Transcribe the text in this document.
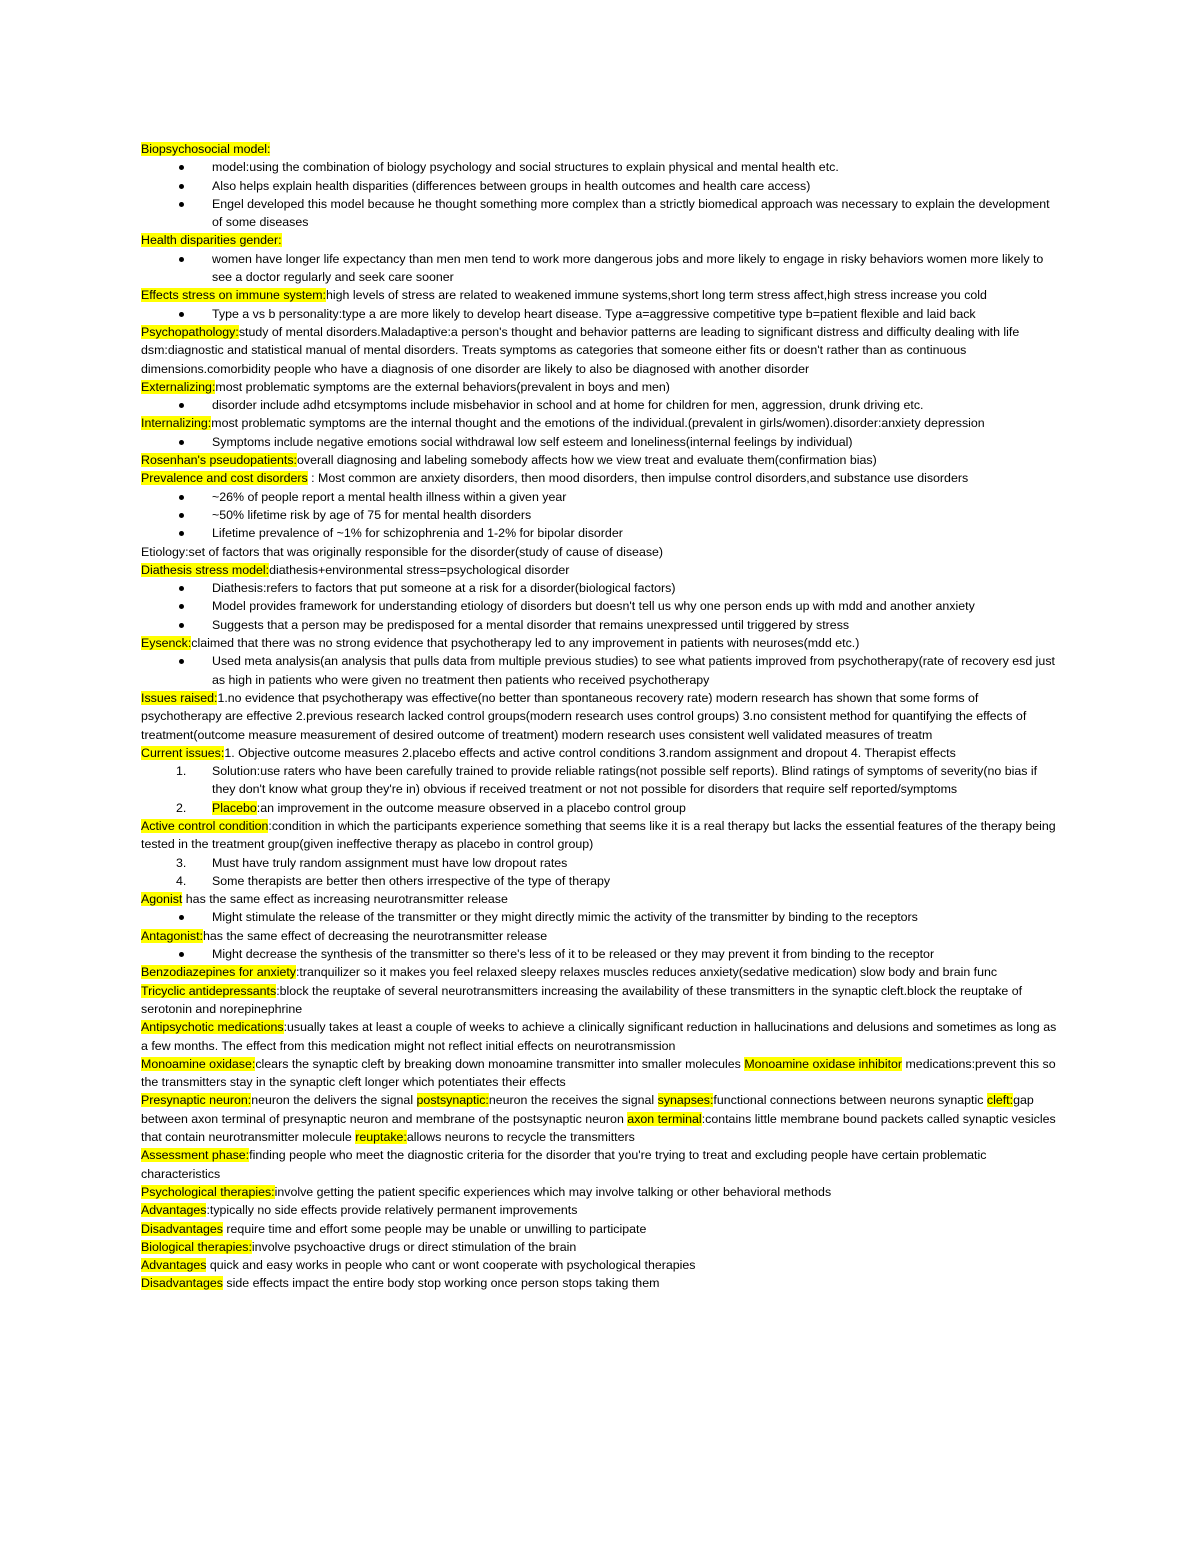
Biopsychosocial model:

model:using the combination of biology psychology and social structures to explain physical and mental health etc.
Also helps explain health disparities (differences between groups in health outcomes and health care access)
Engel developed this model because he thought something more complex than a strictly biomedical approach was necessary to explain the development of some diseases

Health disparities gender:

women have longer life expectancy than men men tend to work more dangerous jobs and more likely to engage in risky behaviors women more likely to see a doctor regularly and seek care sooner

Effects stress on immune system:high levels of stress are related to weakened immune systems,short long term stress affect,high stress increase you cold

Type a vs b personality:type a are more likely to develop heart disease. Type a=aggressive competitive type b=patient flexible and laid back

Psychopathology:study of mental disorders.Maladaptive:a person's thought and behavior patterns are leading to significant distress and difficulty dealing with life dsm:diagnostic and statistical manual of mental disorders. Treats symptoms as categories that someone either fits or doesn't rather than as continuous dimensions.comorbidity people who have a diagnosis of one disorder are likely to also be diagnosed with another disorder

Externalizing:most problematic symptoms are the external behaviors(prevalent in boys and men)

disorder include adhd etcsymptoms include misbehavior in school and at home for children for men, aggression, drunk driving etc.

Internalizing:most problematic symptoms are the internal thought and the emotions of the individual.(prevalent in girls/women).disorder:anxiety depression

Symptoms include negative emotions social withdrawal low self esteem and loneliness(internal feelings by individual)

Rosenhan's pseudopatients:overall diagnosing and labeling somebody affects how we view treat and evaluate them(confirmation bias)

Prevalence and cost disorders : Most common are anxiety disorders, then mood disorders, then impulse control disorders,and substance use disorders

~26% of people report a mental health illness within a given year
~50% lifetime risk by age of 75 for mental health disorders
Lifetime prevalence of ~1% for schizophrenia and 1-2% for bipolar disorder

Etiology:set of factors that was originally responsible for the disorder(study of cause of disease)

Diathesis stress model:diathesis+environmental stress=psychological disorder

Diathesis:refers to factors that put someone at a risk for a disorder(biological factors)
Model provides framework for understanding etiology of disorders but doesn't tell us why one person ends up with mdd and another anxiety
Suggests that a person may be predisposed for a mental disorder that remains unexpressed until triggered by stress

Eysenck:claimed that there was no strong evidence that psychotherapy led to any improvement in patients with neuroses(mdd etc.)

Used meta analysis(an analysis that pulls data from multiple previous studies) to see what patients improved from psychotherapy(rate of recovery esd just as high in patients who were given no treatment then patients who received psychotherapy

Issues raised:1.no evidence that psychotherapy was effective(no better than spontaneous recovery rate) modern research has shown that some forms of psychotherapy are effective 2.previous research lacked control groups(modern research uses control groups) 3.no consistent method for quantifying the effects of treatment(outcome measure measurement of desired outcome of treatment) modern research uses consistent well validated measures of treatm

Current issues:1. Objective outcome measures 2.placebo effects and active control conditions 3.random assignment and dropout 4. Therapist effects

1. Solution:use raters who have been carefully trained to provide reliable ratings(not possible self reports). Blind ratings of symptoms of severity(no bias if they don't know what group they're in) obvious if received treatment or not not possible for disorders that require self reported/symptoms
2. Placebo:an improvement in the outcome measure observed in a placebo control group

Active control condition:condition in which the participants experience something that seems like it is a real therapy but lacks the essential features of the therapy being tested in the treatment group(given ineffective therapy as placebo in control group)

3. Must have truly random assignment must have low dropout rates
4. Some therapists are better then others irrespective of the type of therapy

Agonist has the same effect as increasing neurotransmitter release

Might stimulate the release of the transmitter or they might directly mimic the activity of the transmitter by binding to the receptors

Antagonist:has the same effect of decreasing the neurotransmitter release

Might decrease the synthesis of the transmitter so there's less of it to be released or they may prevent it from binding to the receptor

Benzodiazepines for anxiety:tranquilizer so it makes you feel relaxed sleepy relaxes muscles reduces anxiety(sedative medication) slow body and brain func

Tricyclic antidepressants:block the reuptake of several neurotransmitters increasing the availability of these transmitters in the synaptic cleft.block the reuptake of serotonin and norepinephrine

Antipsychotic medications:usually takes at least a couple of weeks to achieve a clinically significant reduction in hallucinations and delusions and sometimes as long as a few months. The effect from this medication might not reflect initial effects on neurotransmission

Monoamine oxidase:clears the synaptic cleft by breaking down monoamine transmitter into smaller molecules Monoamine oxidase inhibitor medications:prevent this so the transmitters stay in the synaptic cleft longer which potentiates their effects

Presynaptic neuron:neuron the delivers the signal postsynaptic:neuron the receives the signal synapses:functional connections between neurons synaptic cleft:gap between axon terminal of presynaptic neuron and membrane of the postsynaptic neuron axon terminal:contains little membrane bound packets called synaptic vesicles that contain neurotransmitter molecule reuptake:allows neurons to recycle the transmitters

Assessment phase:finding people who meet the diagnostic criteria for the disorder that you're trying to treat and excluding people have certain problematic characteristics

Psychological therapies:involve getting the patient specific experiences which may involve talking or other behavioral methods

Advantages:typically no side effects provide relatively permanent improvements

Disadvantages require time and effort some people may be unable or unwilling to participate

Biological therapies:involve psychoactive drugs or direct stimulation of the brain

Advantages quick and easy works in people who cant or wont cooperate with psychological therapies

Disadvantages side effects impact the entire body stop working once person stops taking them
